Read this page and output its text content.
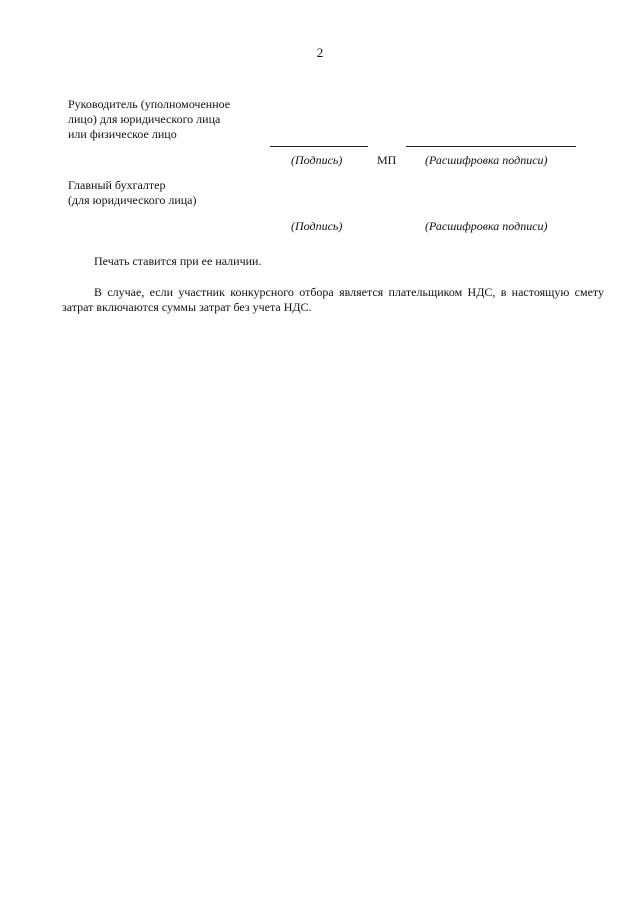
2
Руководитель (уполномоченное
лицо) для юридического лица
или физическое лицо
(Подпись)	МП (Расшифровка подписи)
Главный бухгалтер
(для юридического лица)
(Подпись)	(Расшифровка подписи)

Печать ставится при ее наличии.

В случае, если участник конкурсного отбора является плательщиком НДС, в настоящую смету затрат включаются суммы затрат без учета НДС.
